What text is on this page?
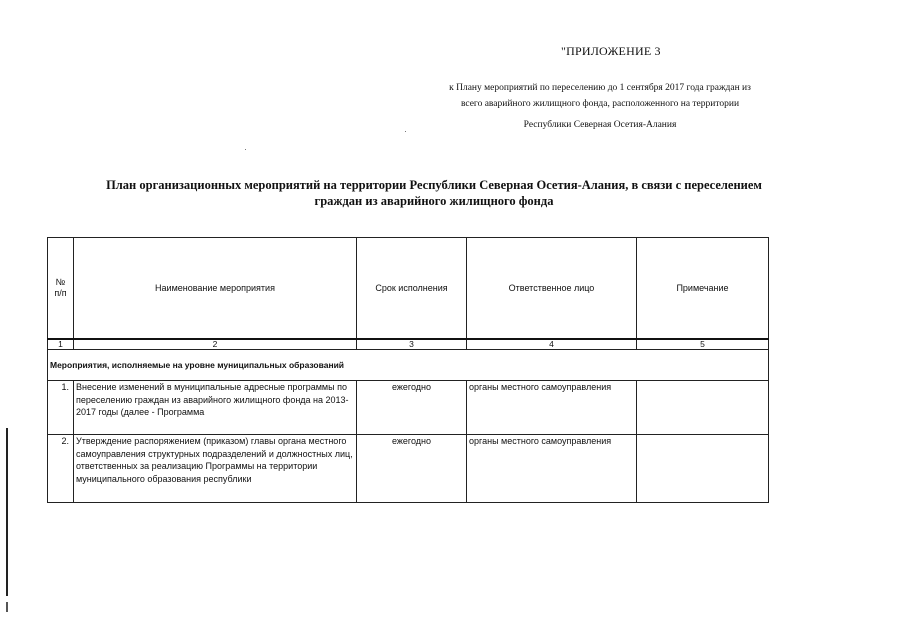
"ПРИЛОЖЕНИЕ 3
к Плану мероприятий по переселению до 1 сентября 2017 года граждан из
всего аварийного жилищного фонда, расположенного на территории
Республики Северная Осетия-Алания
План организационных мероприятий на территории Республики Северная Осетия-Алания, в связи с переселением
граждан из аварийного жилищного фонда
№
п/п	Наименование мероприятия	Срок исполнения	Ответственное лицо	Примечание
1	2	3	4	5
Мероприятия, исполняемые на уровне муниципальных образований				
1.	Внесение изменений в муниципальные адресные программы по переселению граждан из аварийного жилищного фонда на 2013-2017 годы (далее - Программа	ежегодно	органы местного самоуправления	
2.	Утверждение распоряжением (приказом) главы органа местного самоуправления структурных подразделений и должностных лиц, ответственных за реализацию Программы на территории муниципального образования республики	ежегодно	органы местного самоуправления	
